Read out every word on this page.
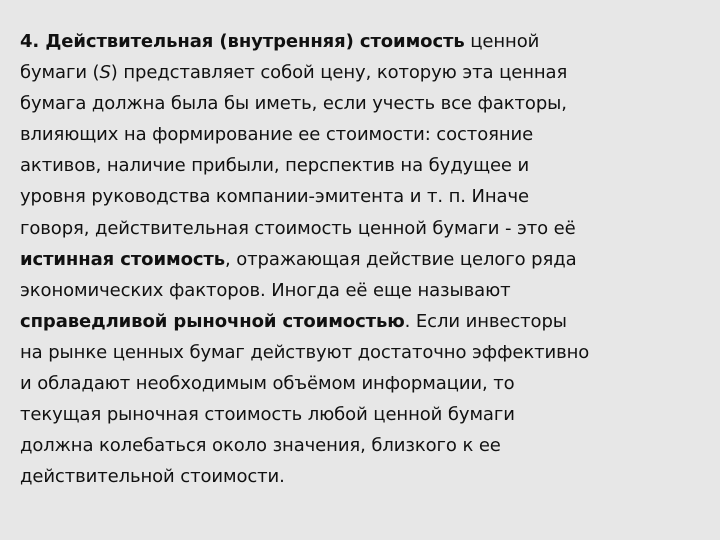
4. Действительная (внутренняя) стоимость ценной
бумаги (S) представляет собой цену, которую эта ценная
бумага должна была бы иметь, если учесть все факторы,
влияющих на формирование ее стоимости: состояние
активов, наличие прибыли, перспектив на будущее и
уровня руководства компании-эмитента и т. п. Иначе
говоря, действительная стоимость ценной бумаги - это её
истинная стоимость, отражающая действие целого ряда
экономических факторов. Иногда её еще называют
справедливой рыночной стоимостью. Если инвесторы
на рынке ценных бумаг действуют достаточно эффективно
и обладают необходимым объёмом информации, то
текущая рыночная стоимость любой ценной бумаги
должна колебаться около значения, близкого к ее
действительной стоимости.
